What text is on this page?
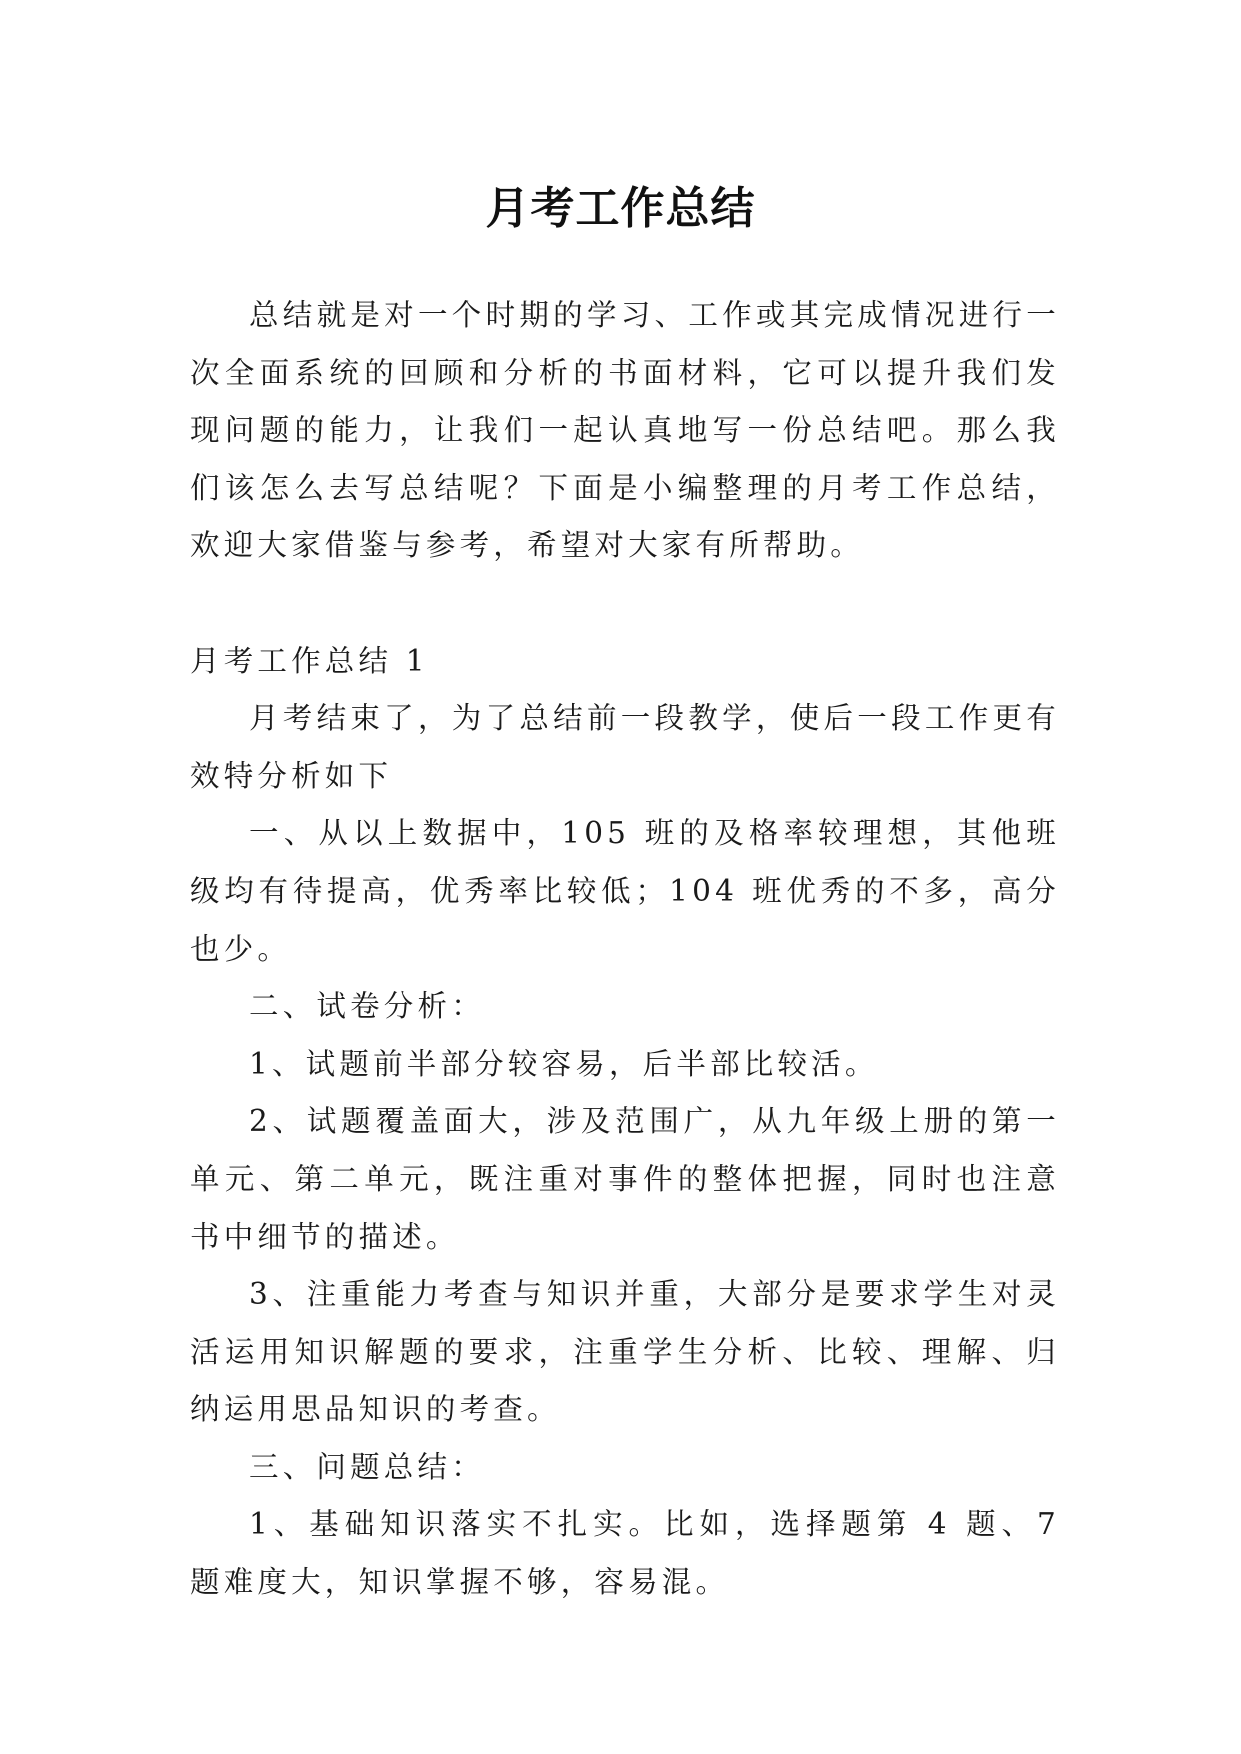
月考工作总结

总结就是对一个时期的学习、工作或其完成情况进行一次全面系统的回顾和分析的书面材料，它可以提升我们发现问题的能力，让我们一起认真地写一份总结吧。那么我们该怎么去写总结呢？下面是小编整理的月考工作总结，欢迎大家借鉴与参考，希望对大家有所帮助。

月考工作总结 1

月考结束了，为了总结前一段教学，使后一段工作更有效特分析如下

一、从以上数据中，105 班的及格率较理想，其他班级均有待提高，优秀率比较低；104 班优秀的不多，高分也少。

二、试卷分析：

1、试题前半部分较容易，后半部比较活。

2、试题覆盖面大，涉及范围广，从九年级上册的第一单元、第二单元，既注重对事件的整体把握，同时也注意书中细节的描述。

3、注重能力考查与知识并重，大部分是要求学生对灵活运用知识解题的要求，注重学生分析、比较、理解、归纳运用思品知识的考查。

三、问题总结：

1、基础知识落实不扎实。比如，选择题第 4 题、7 题难度大，知识掌握不够，容易混。
